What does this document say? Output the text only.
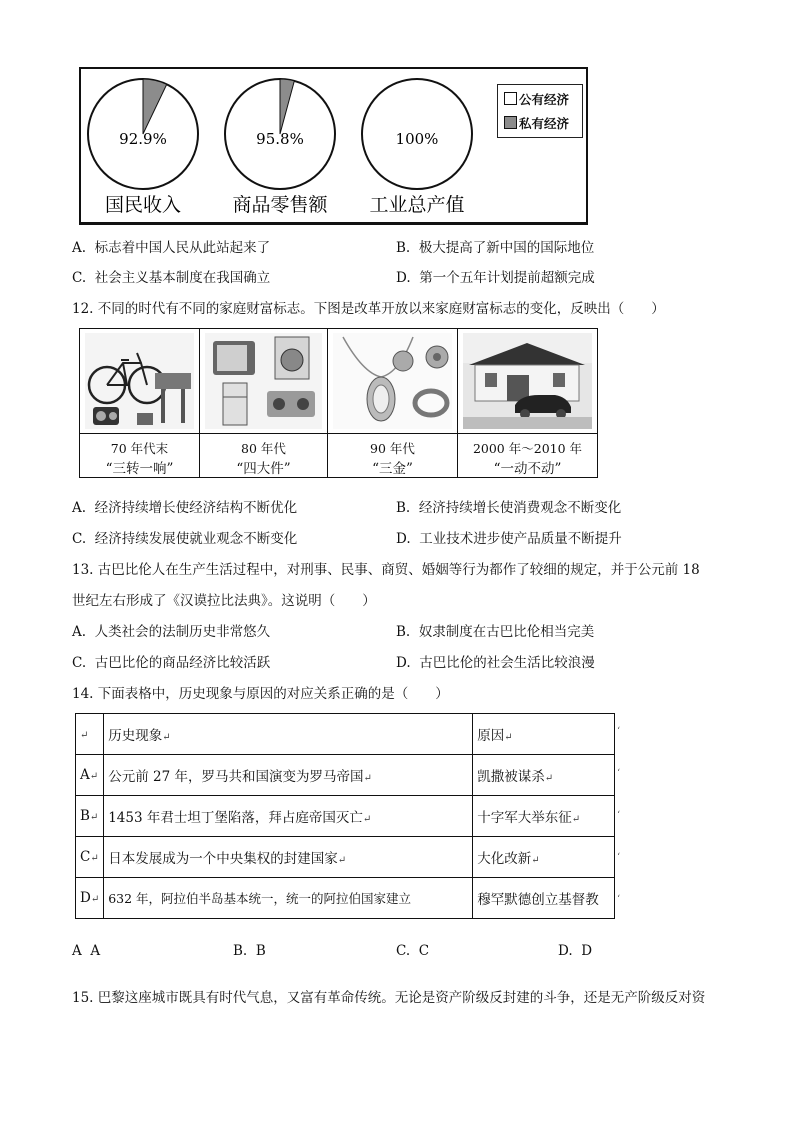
92.9%
国民收入
95.8%
商品零售额
100%
工业总产值
公有经济
私有经济
A. 标志着中国人民从此站起来了	B. 极大提高了新中国的国际地位
C. 社会主义基本制度在我国确立	D. 第一个五年计划提前超额完成
12. 不同的时代有不同的家庭财富标志。下图是改革开放以来家庭财富标志的变化，反映出（　　）
70 年代末
“三转一响”
80 年代
“四大件”
90 年代
“三金”
2000 年～2010 年
“一动不动”
A. 经济持续增长使经济结构不断优化	B. 经济持续增长使消费观念不断变化
C. 经济持续发展使就业观念不断变化	D. 工业技术进步使产品质量不断提升
13. 古巴比伦人在生产生活过程中，对刑事、民事、商贸、婚姻等行为都作了较细的规定，并于公元前 18
世纪左右形成了《汉谟拉比法典》。这说明（　　）
A. 人类社会的法制历史非常悠久	B. 奴隶制度在古巴比伦相当完美
C. 古巴比伦的商品经济比较活跃	D. 古巴比伦的社会生活比较浪漫
14. 下面表格中，历史现象与原因的对应关系正确的是（　　）
↵	历史现象↵	原因↵
A↵	公元前 27 年，罗马共和国演变为罗马帝国↵	凯撒被谋杀↵
B↵	1453 年君士坦丁堡陷落，拜占庭帝国灭亡↵	十字军大举东征↵
C↵	日本发展成为一个中央集权的封建国家↵	大化改新↵
D↵	632 年，阿拉伯半岛基本统一，统一的阿拉伯国家建立	穆罕默德创立基督教
‘
‘
‘
‘
‘
A A	B. B	C. C	D. D
15. 巴黎这座城市既具有时代气息，又富有革命传统。无论是资产阶级反封建的斗争，还是无产阶级反对资
